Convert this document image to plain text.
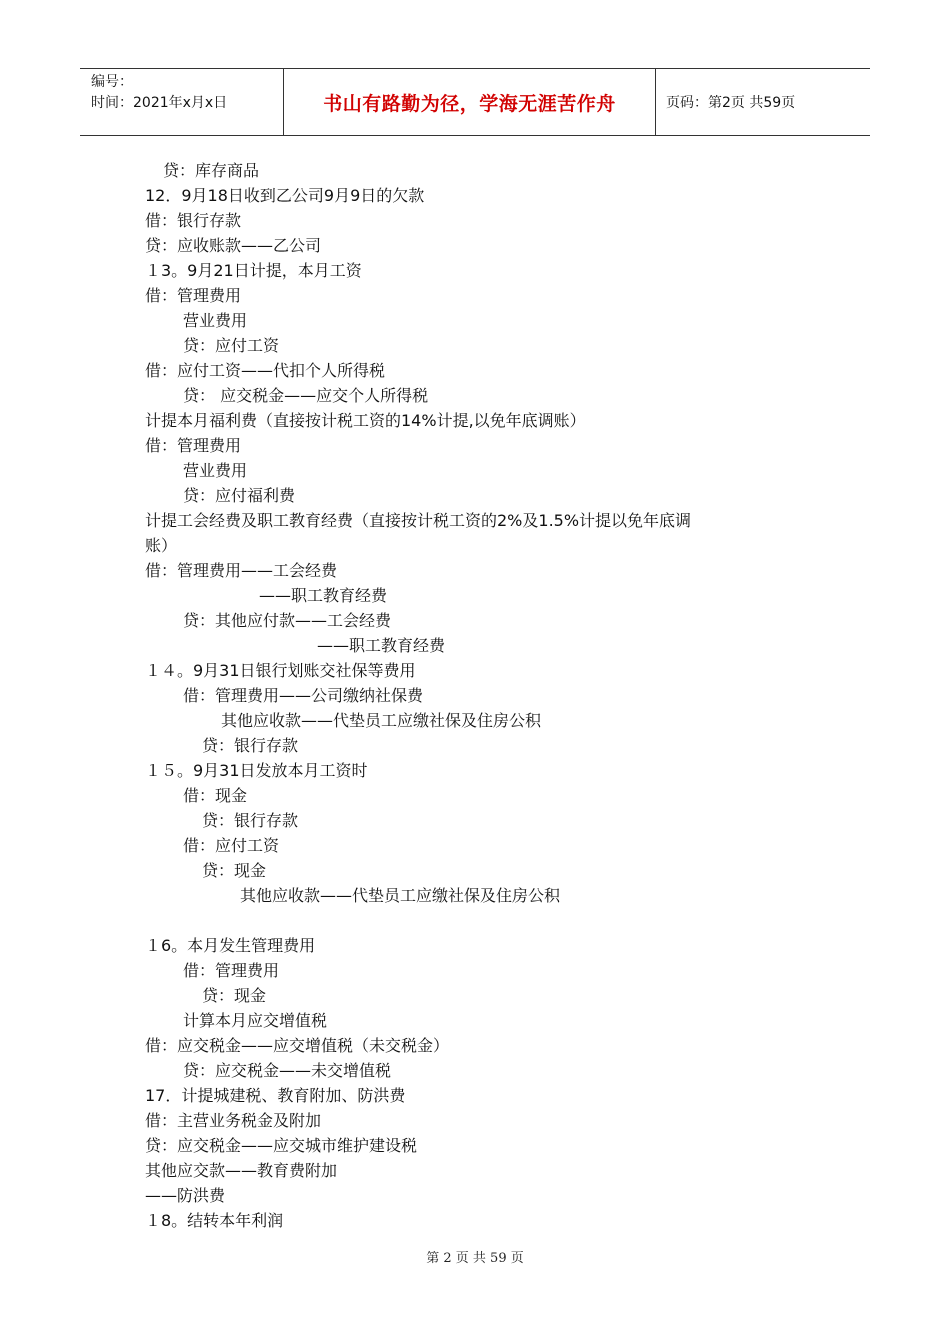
编号：
时间：2021年x月x日	书山有路勤为径，学海无涯苦作舟	页码：第2页 共59页
贷：库存商品
12．9月18日收到乙公司9月9日的欠款
借：银行存款
贷：应收账款——乙公司
１3。9月21日计提，本月工资
借：管理费用
营业费用
贷：应付工资
借：应付工资——代扣个人所得税
贷： 应交税金——应交个人所得税
计提本月福利费（直接按计税工资的14%计提,以免年底调账）
借：管理费用
营业费用
贷：应付福利费
计提工会经费及职工教育经费（直接按计税工资的2%及1.5%计提以免年底调
账）
借：管理费用——工会经费
——职工教育经费
贷：其他应付款——工会经费
——职工教育经费
１４。9月31日银行划账交社保等费用
借：管理费用——公司缴纳社保费
其他应收款——代垫员工应缴社保及住房公积
贷：银行存款
１５。9月31日发放本月工资时
借：现金
贷：银行存款
借：应付工资
贷：现金
其他应收款——代垫员工应缴社保及住房公积
１6。本月发生管理费用
借：管理费用
贷：现金
计算本月应交增值税
借：应交税金——应交增值税（未交税金）
贷：应交税金——未交增值税
17．计提城建税、教育附加、防洪费
借：主营业务税金及附加
贷：应交税金——应交城市维护建设税
其他应交款——教育费附加
——防洪费
１8。结转本年利润
第 2 页 共 59 页
